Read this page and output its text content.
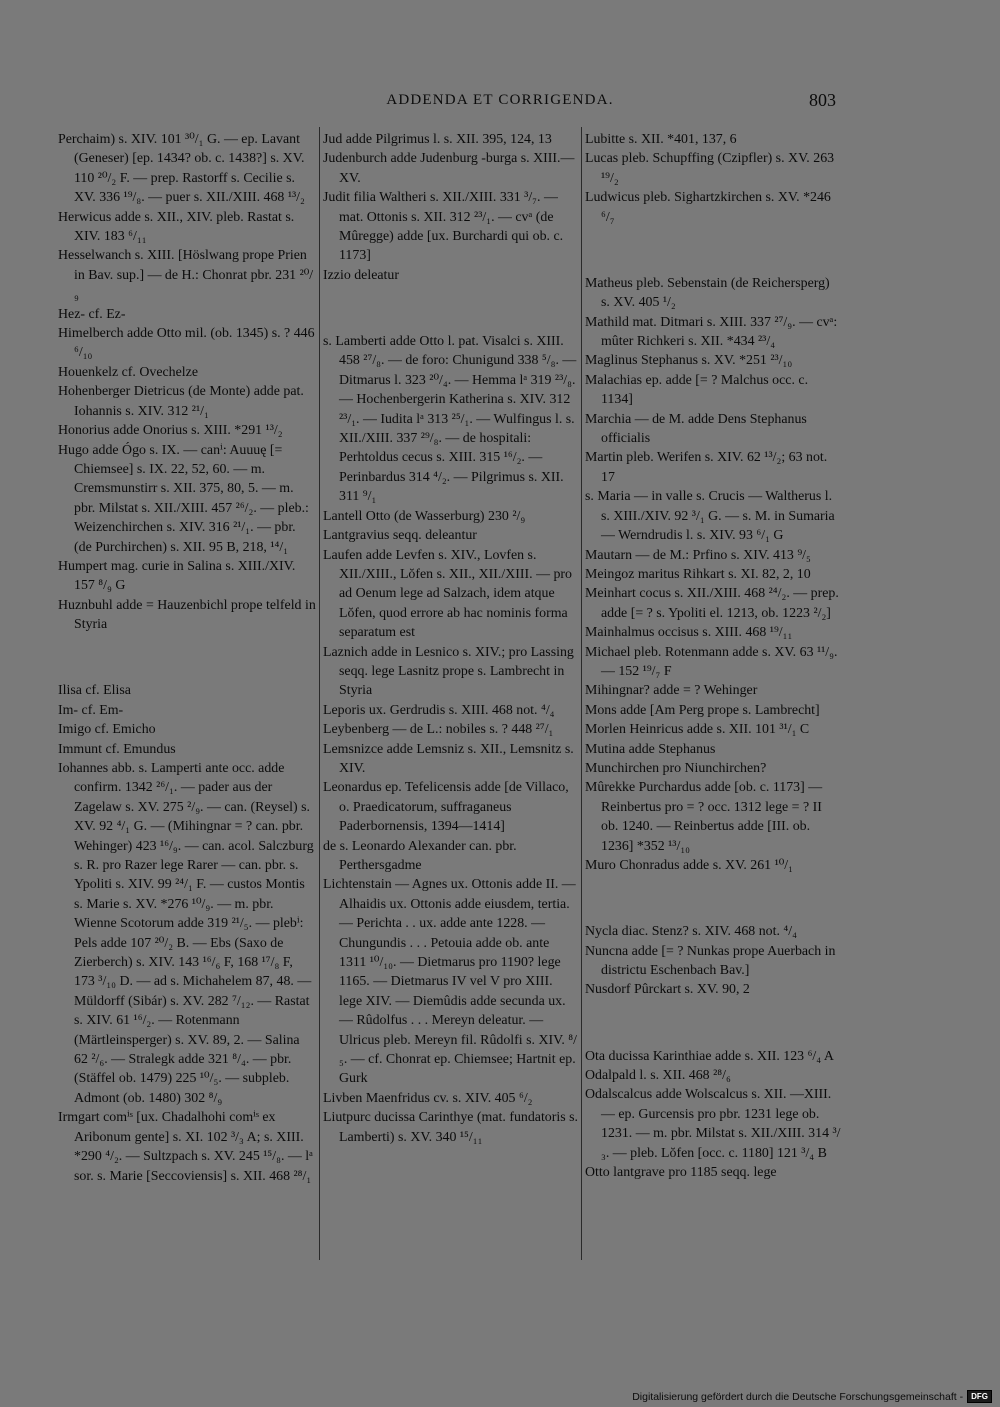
ADDENDA ET CORRIGENDA.	803

Perchaim) s. XIV. 101 ³⁰/₁ G. — ep. Lavant (Geneser) [ep. 1434? ob. c. 1438?] s. XV. 110 ²⁰/₂ F. — prep. Rastorff s. Cecilie s. XV. 336 ¹⁹/₈. — puer s. XII./XIII. 468 ¹³/₂

Herwicus adde s. XII., XIV. pleb. Rastat s. XIV. 183 ⁶/₁₁

Hesselwanch s. XIII. [Höslwang prope Prien in Bav. sup.] — de H.: Chonrat pbr. 231 ²⁰/₉

Hez- cf. Ez-

Himelberch adde Otto mil. (ob. 1345) s. ? 446 ⁶/₁₀

Houenkelz cf. Ovechelze

Hohenberger Dietricus (de Monte) adde pat. Iohannis s. XIV. 312 ²¹/₁

Honorius adde Onorius s. XIII. *291 ¹³/₂

Hugo adde Ógo s. IX. — canⁱ: Auuuę [= Chiemsee] s. IX. 22, 52, 60. — m. Cremsmunstirr s. XII. 375, 80, 5. — m. pbr. Milstat s. XII./XIII. 457 ²⁶/₂. — pleb.: Weizenchirchen s. XIV. 316 ²¹/₁. — pbr. (de Purchirchen) s. XII. 95 B, 218, ¹⁴/₁

Humpert mag. curie in Salina s. XIII./XIV. 157 ⁸/₉ G

Huznbuhl adde = Hauzenbichl prope telfeld in Styria

Ilisa cf. Elisa

Im- cf. Em-

Imigo cf. Emicho

Immunt cf. Emundus

Iohannes abb. s. Lamperti ante occ. adde confirm. 1342 ²⁶/₁. — pader aus der Zagelaw s. XV. 275 ²/₉. — can. (Reysel) s. XV. 92 ⁴/₁ G. — (Mihingnar = ? can. pbr. Wehinger) 423 ¹⁶/₉. — can. acol. Salczburg s. R. pro Razer lege Rarer — can. pbr. s. Ypoliti s. XIV. 99 ²⁴/₁ F. — custos Montis s. Marie s. XV. *276 ¹⁰/₉. — m. pbr. Wienne Scotorum adde 319 ²¹/₅. — plebⁱ: Pels adde 107 ²⁰/₂ B. — Ebs (Saxo de Zierberch) s. XIV. 143 ¹⁶/₆ F, 168 ¹⁷/₈ F, 173 ³/₁₀ D. — ad s. Michahelem 87, 48. — Müldorff (Sibár) s. XV. 282 ⁷/₁₂. — Rastat s. XIV. 61 ¹⁶/₂. — Rotenmann (Märtleinsperger) s. XV. 89, 2. — Salina 62 ²/₆. — Stralegk adde 321 ⁸/₄. — pbr. (Stäffel ob. 1479) 225 ¹⁰/₅. — subpleb. Admont (ob. 1480) 302 ⁸/₉

Irmgart comⁱˢ [ux. Chadalhohi comⁱˢ ex Aribonum gente] s. XI. 102 ³/₃ A; s. XIII. *290 ⁴/₂. — Sultzpach s. XV. 245 ¹⁵/₈. — lᵃ sor. s. Marie [Seccoviensis] s. XII. 468 ²⁸/₁

Jud adde Pilgrimus l. s. XII. 395, 124, 13

Judenburch adde Judenburg -burga s. XIII.—XV.

Judit filia Waltheri s. XII./XIII. 331 ³/₇. — mat. Ottonis s. XII. 312 ²³/₁. — cvᵃ (de Mûregge) adde [ux. Burchardi qui ob. c. 1173]

Izzio deleatur

s. Lamberti adde Otto l. pat. Visalci s. XIII. 458 ²⁷/₈. — de foro: Chunigund 338 ⁵/₈. — Ditmarus l. 323 ²⁰/₄. — Hemma lᵃ 319 ²³/₈. — Hochenbergerin Katherina s. XIV. 312 ²³/₁. — Iudita lᵃ 313 ²⁵/₁. — Wulfingus l. s. XII./XIII. 337 ²⁹/₈. — de hospitali: Perhtoldus cecus s. XIII. 315 ¹⁶/₂. — Perinbardus 314 ⁴/₂. — Pilgrimus s. XII. 311 ⁹/₁

Lantell Otto (de Wasserburg) 230 ²/₉

Lantgravius seqq. deleantur

Laufen adde Levfen s. XIV., Lovfen s. XII./XIII., Lŏfen s. XII., XII./XIII. — pro ad Oenum lege ad Salzach, idem atque Lŏfen, quod errore ab hac nominis forma separatum est

Laznich adde in Lesnico s. XIV.; pro Lassing seqq. lege Lasnitz prope s. Lambrecht in Styria

Leporis ux. Gerdrudis s. XIII. 468 not. ⁴/₄

Leybenberg — de L.: nobiles s. ? 448 ²⁷/₁

Lemsnizce adde Lemsniz s. XII., Lemsnitz s. XIV.

Leonardus ep. Tefelicensis adde [de Villaco, o. Praedicatorum, suffraganeus Paderbornensis, 1394—1414]

de s. Leonardo Alexander can. pbr. Perthersgadme

Lichtenstain — Agnes ux. Ottonis adde II. — Alhaidis ux. Ottonis adde eiusdem, tertia. — Perichta . . ux. adde ante 1228. — Chungundis . . . Petouia adde ob. ante 1311 ¹⁰/₁₀. — Dietmarus pro 1190? lege 1165. — Dietmarus IV vel V pro XIII. lege XIV. — Diemûdis adde secunda ux. — Rûdolfus . . . Mereyn deleatur. — Ulricus pleb. Mereyn fil. Rûdolfi s. XIV. ⁸/₅. — cf. Chonrat ep. Chiemsee; Hartnit ep. Gurk

Livben Maenfridus cv. s. XIV. 405 ⁶/₂

Liutpurc ducissa Carinthye (mat. fundatoris s. Lamberti) s. XV. 340 ¹⁵/₁₁

Lubitte s. XII. *401, 137, 6

Lucas pleb. Schupffing (Czipfler) s. XV. 263 ¹⁹/₂

Ludwicus pleb. Sighartzkirchen s. XV. *246 ⁶/₇

Matheus pleb. Sebenstain (de Reichersperg) s. XV. 405 ¹/₂

Mathild mat. Ditmari s. XIII. 337 ²⁷/₉. — cvᵃ: mûter Richkeri s. XII. *434 ²³/₄

Maglinus Stephanus s. XV. *251 ²³/₁₀

Malachias ep. adde [= ? Malchus occ. c. 1134]

Marchia — de M. adde Dens Stephanus officialis

Martin pleb. Werifen s. XIV. 62 ¹³/₂; 63 not. 17

s. Maria — in valle s. Crucis — Waltherus l. s. XIII./XIV. 92 ³/₁ G. — s. M. in Sumaria — Werndrudis l. s. XIV. 93 ⁶/₁ G

Mautarn — de M.: Prfino s. XIV. 413 ⁹/₅

Meingoz maritus Rihkart s. XI. 82, 2, 10

Meinhart cocus s. XII./XIII. 468 ²⁴/₂. — prep. adde [= ? s. Ypoliti el. 1213, ob. 1223 ²/₂]

Mainhalmus occisus s. XIII. 468 ¹⁹/₁₁

Michael pleb. Rotenmann adde s. XV. 63 ¹¹/₉. — 152 ¹⁹/₇ F

Mihingnar? adde = ? Wehinger

Mons adde [Am Perg prope s. Lambrecht]

Morlen Heinricus adde s. XII. 101 ³¹/₁ C

Mutina adde Stephanus

Munchirchen pro Niunchirchen?

Mûrekke Purchardus adde [ob. c. 1173] — Reinbertus pro = ? occ. 1312 lege = ? II ob. 1240. — Reinbertus adde [III. ob. 1236] *352 ¹³/₁₀

Muro Chonradus adde s. XV. 261 ¹⁰/₁

Nycla diac. Stenz? s. XIV. 468 not. ⁴/₄

Nuncna adde [= ? Nunkas prope Auerbach in districtu Eschenbach Bav.]

Nusdorf Pûrckart s. XV. 90, 2

Ota ducissa Karinthiae adde s. XII. 123 ⁶/₄ A

Odalpald l. s. XII. 468 ²⁸/₆

Odalscalcus adde Wolscalcus s. XII. —XIII. — ep. Gurcensis pro pbr. 1231 lege ob. 1231. — m. pbr. Milstat s. XII./XIII. 314 ³/₃. — pleb. Lŏfen [occ. c. 1180] 121 ³/₄ B

Otto lantgrave pro 1185 seqq. lege

Digitalisierung gefördert durch die Deutsche Forschungsgemeinschaft -	DFG
